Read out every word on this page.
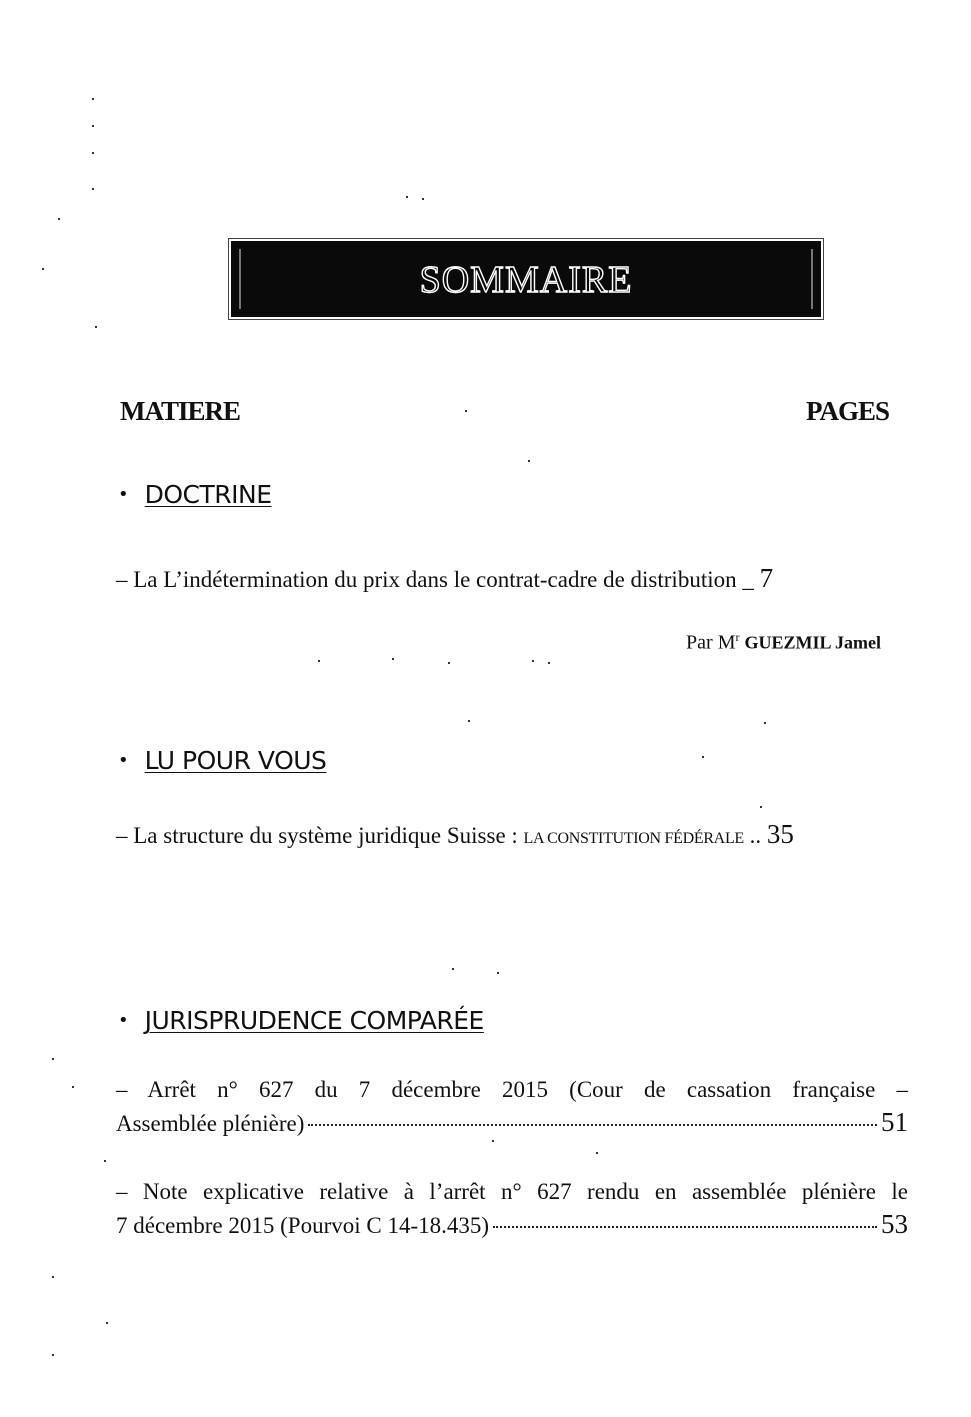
SOMMAIRE
MATIERE	PAGES
• DOCTRINE
– La L’indétermination du prix dans le contrat-cadre de distribution _ 7
Par $M^r$ GUEZMIL Jamel
• LU POUR VOUS
– La structure du système juridique Suisse : LA CONSTITUTION FÉDÉRALE .. 35
• JURISPRUDENCE COMPARÉE
– Arrêt n° 627 du 7 décembre 2015 (Cour de cassation française –
Assemblée plénière)	51
– Note explicative relative à l’arrêt n° 627 rendu en assemblée plénière le
7 décembre 2015 (Pourvoi C 14-18.435)	53
